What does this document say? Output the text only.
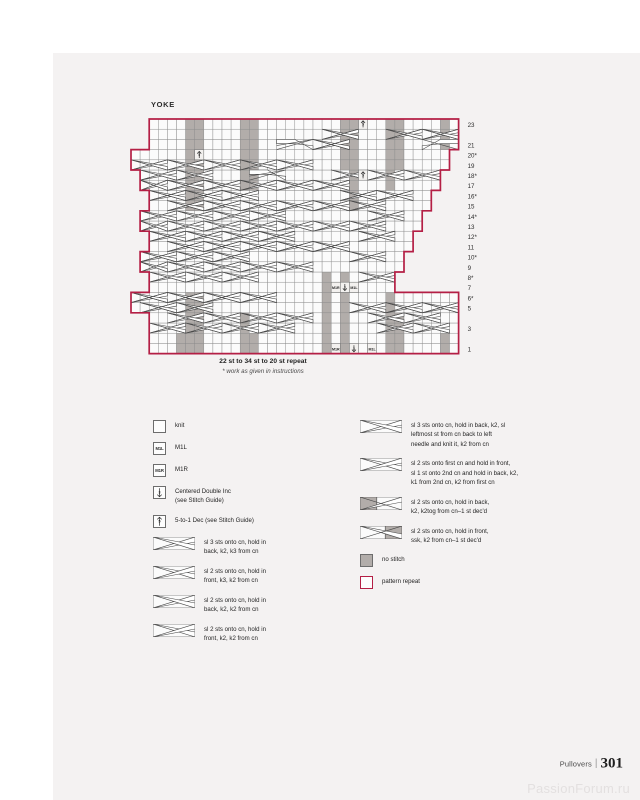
YOKE
M1R 3 M1L
M1R	3	M1L
5
5
5
23
21
20*
19
18*
17
16*
15
14*
13
12*
11
10*
9
8*
7
6*
5
3
1
22 st to 34 st to 20 st repeat
* work as given in instructions
knit
M1L	M1L
M1R	M1R
3 Centered Double Inc
(see Stitch Guide)
5 5-to-1 Dec (see Stitch Guide)
sl 3 sts onto cn, hold in
back, k2, k3 from cn
sl 2 sts onto cn, hold in
front, k3, k2 from cn
sl 2 sts onto cn, hold in
back, k2, k2 from cn
sl 2 sts onto cn, hold in
front, k2, k2 from cn
sl 3 sts onto cn, hold in back, k2, sl
leftmost st from cn back to left
needle and knit it, k2 from cn
sl 2 sts onto first cn and hold in front,
sl 1 st onto 2nd cn and hold in back, k2,
k1 from 2nd cn, k2 from first cn
sl 2 sts onto cn, hold in back,
k2, k2tog from cn–1 st dec'd
sl 2 sts onto cn, hold in front,
ssk, k2 from cn–1 st dec'd
no stitch
pattern repeat
Pullovers | 301
PassionForum.ru
